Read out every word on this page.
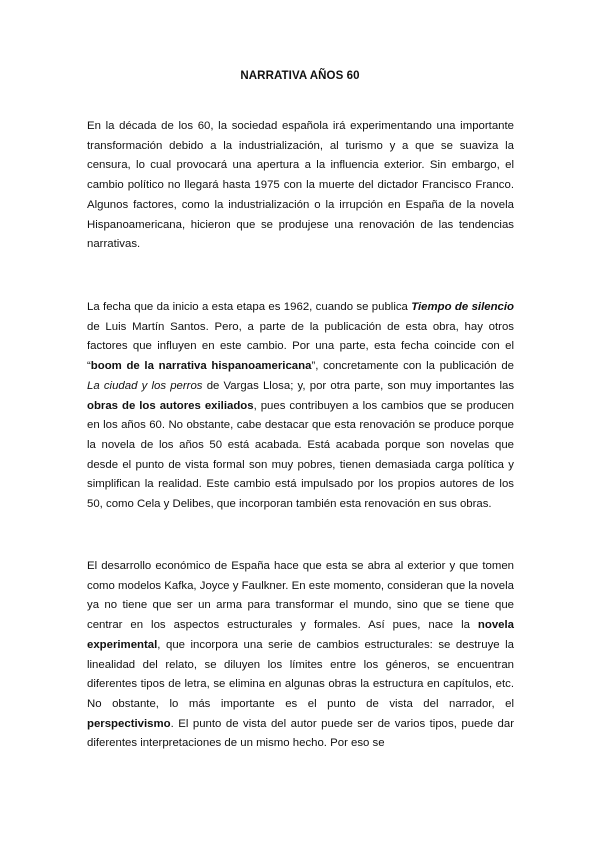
NARRATIVA AÑOS 60

En la década de los 60, la sociedad española irá experimentando una importante transformación debido a la industrialización, al turismo y a que se suaviza la censura, lo cual provocará una apertura a la influencia exterior. Sin embargo, el cambio político no llegará hasta 1975 con la muerte del dictador Francisco Franco. Algunos factores, como la industrialización o la irrupción en España de la novela Hispanoamericana, hicieron que se produjese una renovación de las tendencias narrativas.

La fecha que da inicio a esta etapa es 1962, cuando se publica Tiempo de silencio de Luis Martín Santos. Pero, a parte de la publicación de esta obra, hay otros factores que influyen en este cambio. Por una parte, esta fecha coincide con el “boom de la narrativa hispanoamericana”, concretamente con la publicación de La ciudad y los perros de Vargas Llosa; y, por otra parte, son muy importantes las obras de los autores exiliados, pues contribuyen a los cambios que se producen en los años 60. No obstante, cabe destacar que esta renovación se produce porque la novela de los años 50 está acabada. Está acabada porque son novelas que desde el punto de vista formal son muy pobres, tienen demasiada carga política y simplifican la realidad. Este cambio está impulsado por los propios autores de los 50, como Cela y Delibes, que incorporan también esta renovación en sus obras.

El desarrollo económico de España hace que esta se abra al exterior y que tomen como modelos Kafka, Joyce y Faulkner. En este momento, consideran que la novela ya no tiene que ser un arma para transformar el mundo, sino que se tiene que centrar en los aspectos estructurales y formales. Así pues, nace la novela experimental, que incorpora una serie de cambios estructurales: se destruye la linealidad del relato, se diluyen los límites entre los géneros, se encuentran diferentes tipos de letra, se elimina en algunas obras la estructura en capítulos, etc. No obstante, lo más importante es el punto de vista del narrador, el perspectivismo. El punto de vista del autor puede ser de varios tipos, puede dar diferentes interpretaciones de un mismo hecho. Por eso se
